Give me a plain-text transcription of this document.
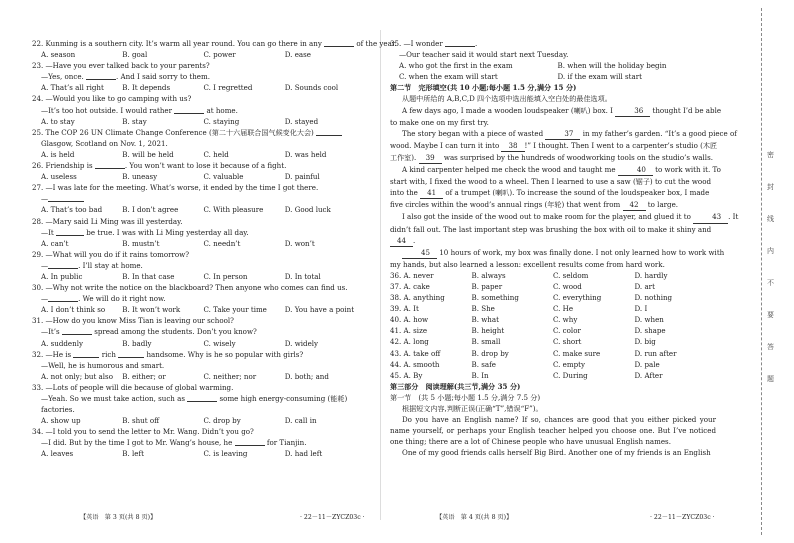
22. Kunming is a southern city. It’s warm all year round. You can go there in any	of the year.
A. season	B. goal	C. power	D. ease
23. —Have you ever talked back to your parents?
—Yes, once.	. And I said sorry to them.
A. That’s all right	B. It depends	C. I regretted	D. Sounds cool
24. —Would you like to go camping with us?
—It’s too hot outside. I would rather	at home.
A. to stay	B. stay	C. staying	D. stayed
25. The COP 26 UN Climate Change Conference (第二十六届联合国气候变化大会)
Glasgow, Scotland on Nov. 1, 2021.
A. is held	B. will be held	C. held	D. was held
26. Friendship is	. You won’t want to lose it because of a fight.
A. useless	B. uneasy	C. valuable	D. painful
27. —I was late for the meeting. What’s worse, it ended by the time I got there.
—
A. That’s too bad	B. I don’t agree	C. With pleasure	D. Good luck
28. —Mary said Li Ming was ill yesterday.
—It	be true. I was with Li Ming yesterday all day.
A. can’t	B. mustn’t	C. needn’t	D. won’t
29. —What will you do if it rains tomorrow?
—	. I’ll stay at home.
A. In public	B. In that case	C. In person	D. In total
30. —Why not write the notice on the blackboard? Then anyone who comes can find us.
—	. We will do it right now.
A. I don’t think so	B. It won’t work	C. Take your time	D. You have a point
31. —How do you know Miss Tian is leaving our school?
—It’s	spread among the students. Don’t you know?
A. suddenly	B. badly	C. wisely	D. widely
32. —He is	rich	handsome. Why is he so popular with girls?
—Well, he is humorous and smart.
A. not only; but also	B. either; or	C. neither; nor	D. both; and
33. —Lots of people will die because of global warming.
—Yeah. So we must take action, such as	some high energy-consuming (能耗)
factories.
A. show up	B. shut off	C. drop by	D. call in
34. —I told you to send the letter to Mr. Wang. Didn’t you go?
—I did. But by the time I got to Mr. Wang’s house, he	for Tianjin.
A. leaves	B. left	C. is leaving	D. had left
【英语　第 3 页(共 8 页)】	· 22－11－ZYCZ03c ·
35. —I wonder	.
—Our teacher said it would start next Tuesday.
A. who got the first in the exam	B. when will the holiday begin
C. when the exam will start	D. if the exam will start
第二节　完形填空(共 10 小题;每小题 1.5 分,满分 15 分)
从题中所给的 A,B,C,D 四个选项中选出能填入空白处的最佳选项。
A few days ago, I made a wooden loudspeaker (喇叭) box. I	36 thought I’d be able
to make one on my first try.
The story began with a piece of wasted	37 in my father’s garden. “It’s a good piece of
wood. Maybe I can turn it into 38 !” I thought. Then I went to a carpenter’s studio (木匠
工作室). 39 was surprised by the hundreds of woodworking tools on the studio’s walls.
A kind carpenter helped me check the wood and taught me	40 to work with it. To
start with, I fixed the wood to a wheel. Then I learned to use a saw (锯子) to cut the wood
into the 41 of a trumpet (喇叭). To increase the sound of the loudspeaker box, I made
five circles within the wood’s annual rings (年轮) that went from 42 to large.
I also got the inside of the wood out to make room for the player, and glued it to	43 . It
didn’t fall out. The last important step was brushing the box with oil to make it shiny and
44 .
45 10 hours of work, my box was finally done. I not only learned how to work with
my hands, but also learned a lesson: excellent results come from hard work.
36. A. never	B. always	C. seldom	D. hardly
37. A. cake	B. paper	C. wood	D. art
38. A. anything	B. something	C. everything	D. nothing
39. A. It	B. She	C. He	D. I
40. A. how	B. what	C. why	D. when
41. A. size	B. height	C. color	D. shape
42. A. long	B. small	C. short	D. big
43. A. take off	B. drop by	C. make sure	D. run after
44. A. smooth	B. safe	C. empty	D. pale
45. A. By	B. In	C. During	D. After
第三部分　阅读理解(共三节,满分 35 分)
第一节　(共 5 小题;每小题 1.5 分,满分 7.5 分)
根据短文内容,判断正误(正确“T”,错误“F”)。
Do you have an English name? If so, chances are good that you either picked your name yourself, or perhaps your English teacher helped you choose one. But I’ve noticed one thing; there are a lot of Chinese people who have unusual English names.
One of my good friends calls herself Big Bird. Another one of my friends is an English
【英语　第 4 页(共 8 页)】	· 22－11－ZYCZ03c ·
密
封
线
内
不
要
答
题
